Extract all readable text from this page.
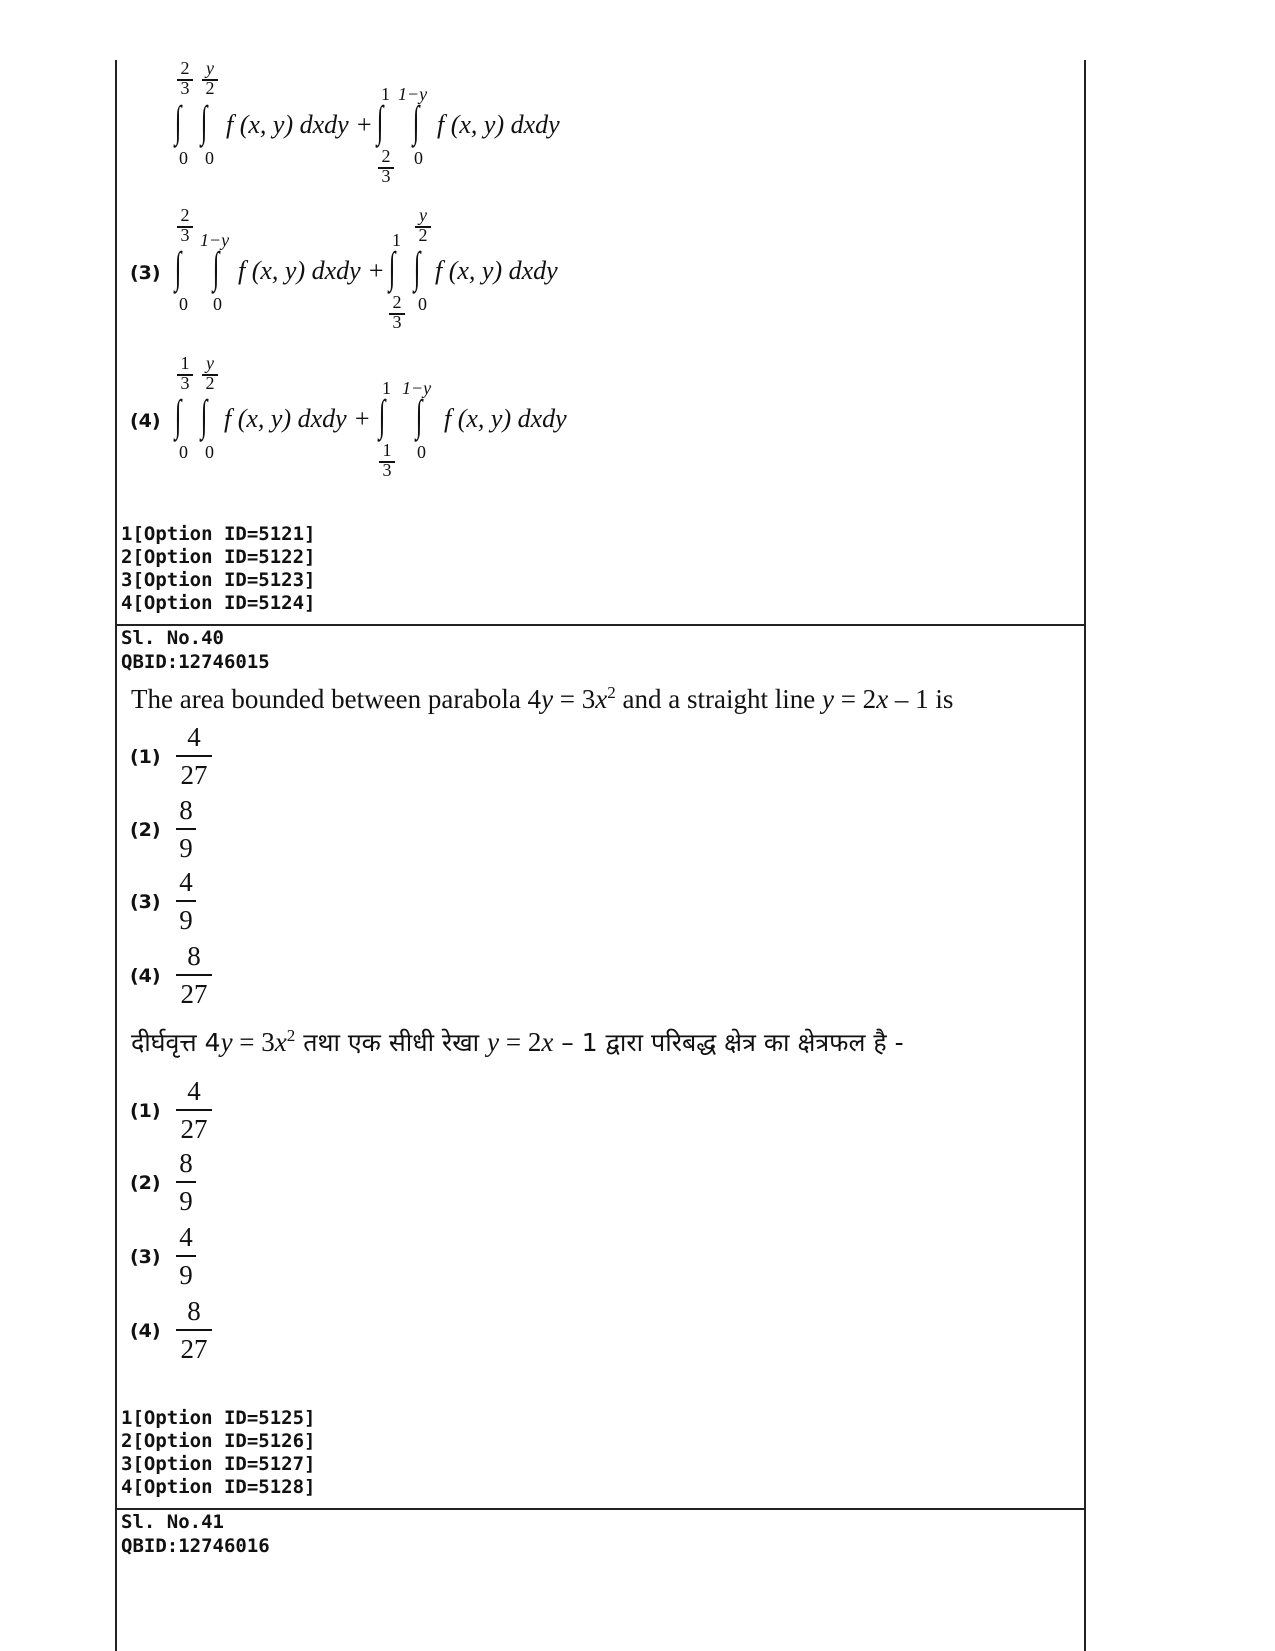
2
3
∫
0
y
2
∫
0
f (x, y) dxdy +
1
∫
2
3
1−y
∫
0
f (x, y) dxdy
(3)
2
3
∫
0
1−y
∫
0
f (x, y) dxdy +
1
∫
2
3
y
2
∫
0
f (x, y) dxdy
(4)
1
3
∫
0
y
2
∫
0
f (x, y) dxdy +
1
∫
1
3
1−y
∫
0
f (x, y) dxdy
1[Option ID=5121]
2[Option ID=5122]
3[Option ID=5123]
4[Option ID=5124]
Sl. No.40
QBID:12746015
The area bounded between parabola $4y = 3x^2$ and a straight line y = 2x – 1 is
(1)
4
27
(2)
8
9
(3)
4
9
(4)
8
27
दीर्घवृत्त $4y = 3x^2$ तथा एक सीधी रेखा y = 2x – 1 द्वारा परिबद्ध क्षेत्र का क्षेत्रफल है -
(1)
4
27
(2)
8
9
(3)
4
9
(4)
8
27
1[Option ID=5125]
2[Option ID=5126]
3[Option ID=5127]
4[Option ID=5128]
Sl. No.41
QBID:12746016
